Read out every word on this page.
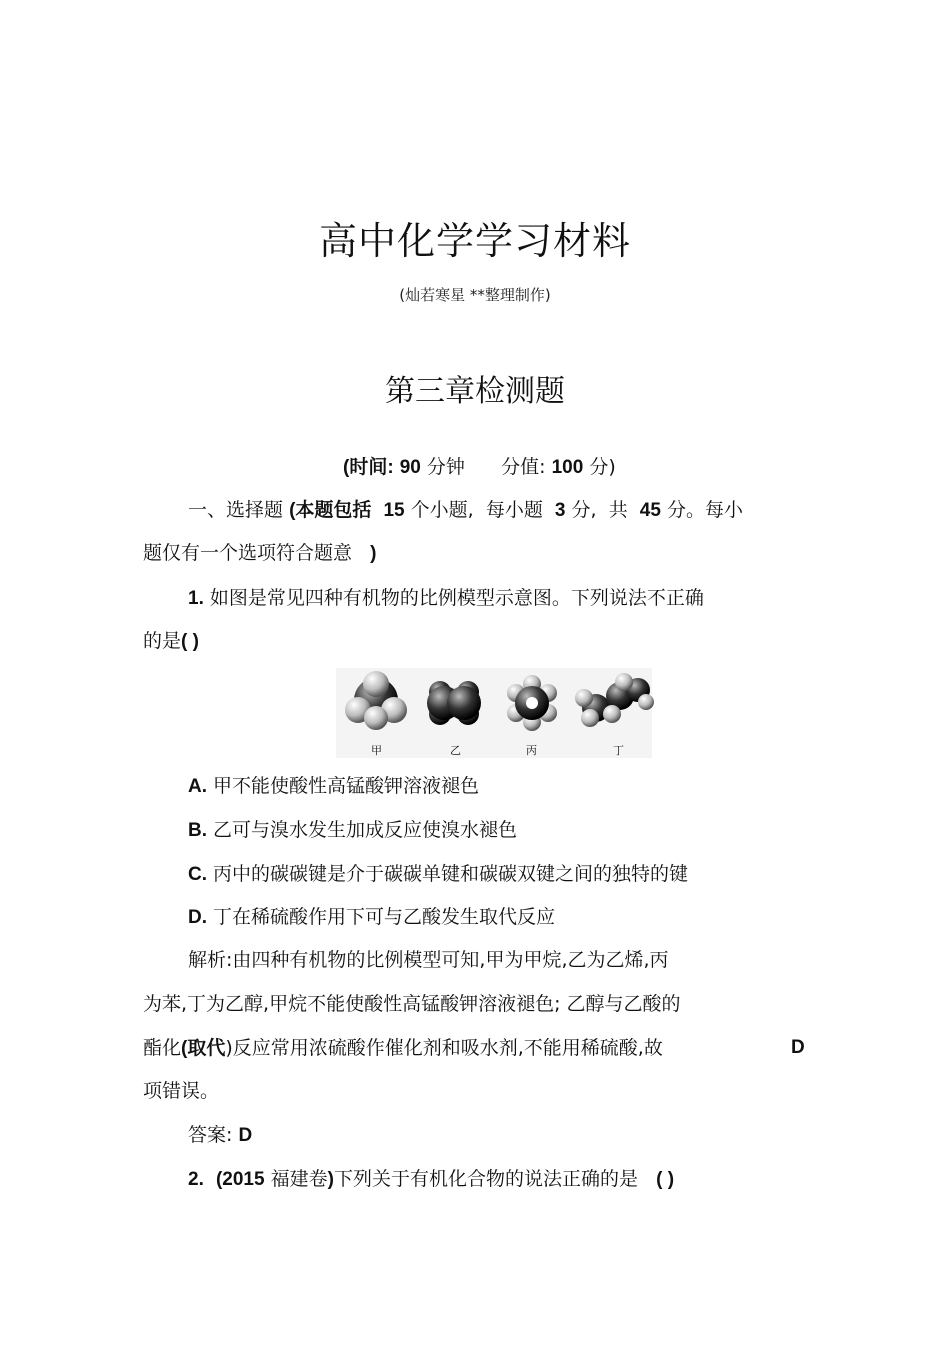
高中化学学习材料
(灿若寒星 **整理制作)
第三章检测题
(时间: 90 分钟 分值: 100 分)
一、选择题 (本题包括 15 个小题, 每小题 3 分, 共 45 分。每小
题仅有一个选项符合题意 )
1. 如图是常见四种有机物的比例模型示意图。下列说法不正确
的是( )
甲	乙	丙	丁
A. 甲不能使酸性高锰酸钾溶液褪色
B. 乙可与溴水发生加成反应使溴水褪色
C. 丙中的碳碳键是介于碳碳单键和碳碳双键之间的独特的键
D. 丁在稀硫酸作用下可与乙酸发生取代反应
解析:由四种有机物的比例模型可知,甲为甲烷,乙为乙烯,丙
为苯,丁为乙醇,甲烷不能使酸性高锰酸钾溶液褪色; 乙醇与乙酸的
酯化(取代)反应常用浓硫酸作催化剂和吸水剂,不能用稀硫酸,故	D
项错误。
答案: D
2. (2015 福建卷)下列关于有机化合物的说法正确的是 ( )
